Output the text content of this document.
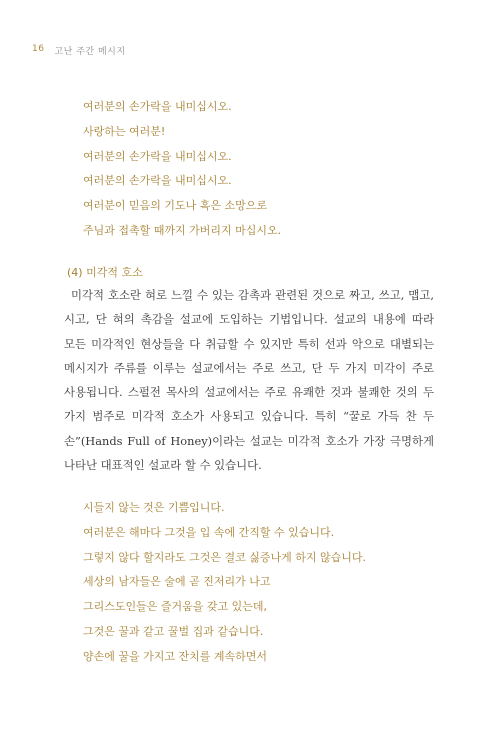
16 고난 주간 메시지
여러분의 손가락을 내미십시오.
사랑하는 여러분!
여러분의 손가락을 내미십시오.
여러분의 손가락을 내미십시오.
여러분이 믿음의 기도나 혹은 소망으로
주님과 접촉할 때까지 가버리지 마십시오.
(4) 미각적 호소

미각적 호소란 혀로 느낄 수 있는 감촉과 관련된 것으로 짜고, 쓰고, 맵고, 시고, 단 혀의 촉감을 설교에 도입하는 기법입니다. 설교의 내용에 따라 모든 미각적인 현상들을 다 취급할 수 있지만 특히 선과 악으로 대별되는 메시지가 주류를 이루는 설교에서는 주로 쓰고, 단 두 가지 미각이 주로 사용됩니다. 스펄전 목사의 설교에서는 주로 유쾌한 것과 불쾌한 것의 두 가지 범주로 미각적 호소가 사용되고 있습니다. 특히 “꿀로 가득 찬 두 손”(Hands Full of Honey)이라는 설교는 미각적 호소가 가장 극명하게 나타난 대표적인 설교라 할 수 있습니다.

시들지 않는 것은 기쁨입니다.
여러분은 해마다 그것을 입 속에 간직할 수 있습니다.
그렇지 않다 할지라도 그것은 결코 싫증나게 하지 않습니다.
세상의 남자들은 술에 곧 진저리가 나고
그리스도인들은 즐거움을 갖고 있는데,
그것은 꿀과 같고 꿀벌 집과 같습니다.
양손에 꿀을 가지고 잔치를 계속하면서
